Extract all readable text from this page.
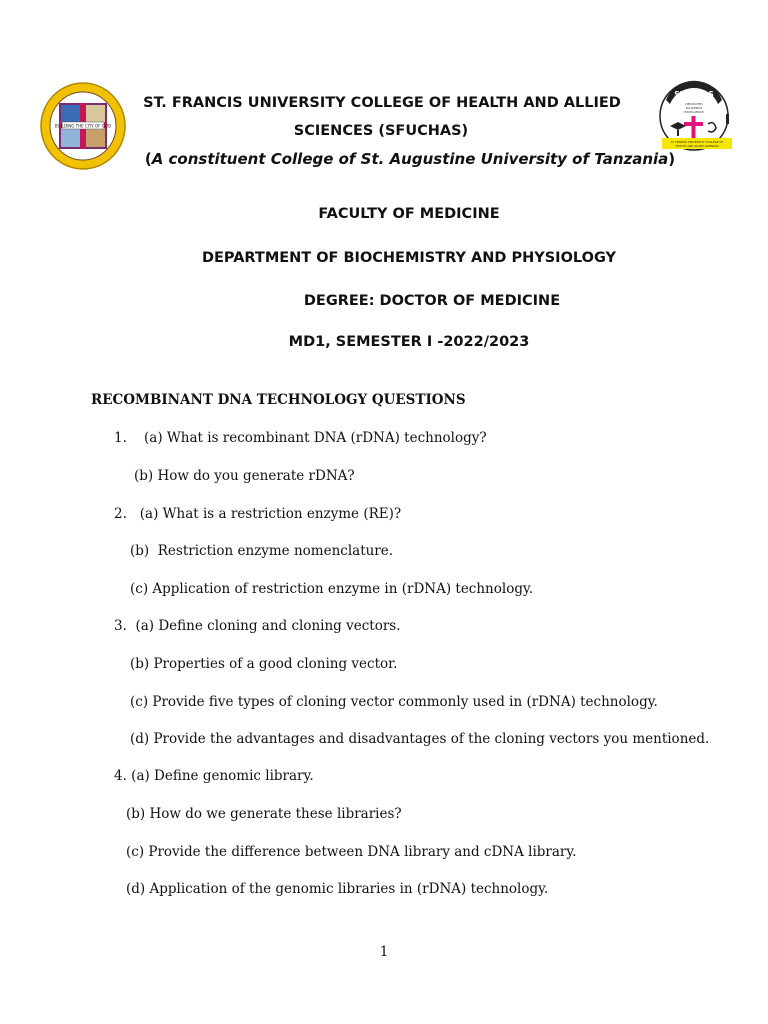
BUILDING THE CITY OF GOD
SFUCHAS
DEDICATED
DILIGENCE
EXCELLENCE
ST FRANCIS UNIVERSITY COLLEGE OF
HEALTH AND ALLIED SCIENCES
ST. FRANCIS UNIVERSITY COLLEGE OF HEALTH AND ALLIED
SCIENCES (SFUCHAS)
(A constituent College of St. Augustine University of Tanzania)
FACULTY OF MEDICINE
DEPARTMENT OF BIOCHEMISTRY AND PHYSIOLOGY
DEGREE: DOCTOR OF MEDICINE
MD1, SEMESTER I -2022/2023
RECOMBINANT DNA TECHNOLOGY QUESTIONS
1.    (a) What is recombinant DNA (rDNA) technology?
(b) How do you generate rDNA?
2.   (a) What is a restriction enzyme (RE)?
(b)  Restriction enzyme nomenclature.
(c) Application of restriction enzyme in (rDNA) technology.
3.  (a) Define cloning and cloning vectors.
(b) Properties of a good cloning vector.
(c) Provide five types of cloning vector commonly used in (rDNA) technology.
(d) Provide the advantages and disadvantages of the cloning vectors you mentioned.
4. (a) Define genomic library.
(b) How do we generate these libraries?
(c) Provide the difference between DNA library and cDNA library.
(d) Application of the genomic libraries in (rDNA) technology.
1
